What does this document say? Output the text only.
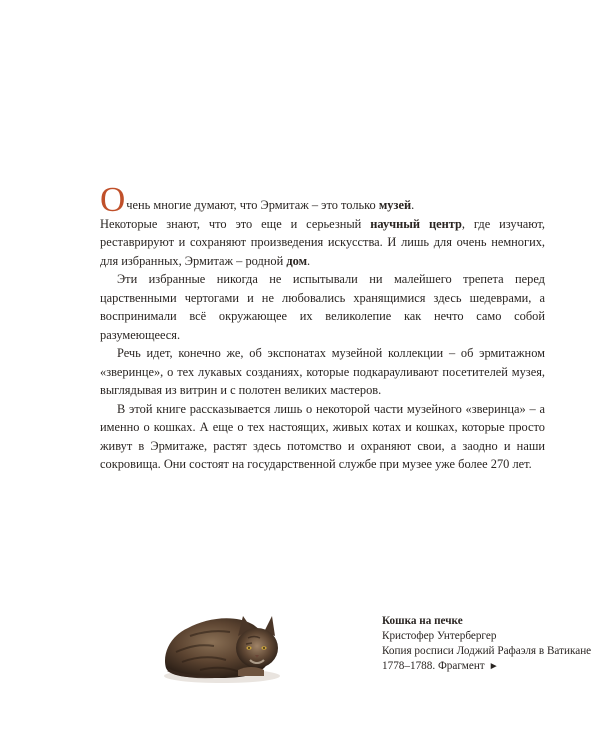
Очень многие думают, что Эрмитаж – это только музей.
Некоторые знают, что это еще и серьезный научный центр, где изучают, реставрируют и сохраняют произведения искусства. И лишь для очень немногих, для избранных, Эрмитаж – родной дом.

Эти избранные никогда не испытывали ни малейшего трепета перед царственными чертогами и не любовались хранящимися здесь шедеврами, а воспринимали всё окружающее их великолепие как нечто само собой разумеющееся.

Речь идет, конечно же, об экспонатах музейной коллекции – об эрмитажном «зверинце», о тех лукавых созданиях, которые подкарауливают посетителей музея, выглядывая из витрин и с полотен великих мастеров.

В этой книге рассказывается лишь о некоторой части музейного «зверинца» – а именно о кошках. А еще о тех настоящих, живых котах и кошках, которые просто живут в Эрмитаже, растят здесь потомство и охраняют свои, а заодно и наши сокровища. Они состоят на государственной службе при музее уже более 270 лет.

Кошка на печке
Кристофер Унтербергер
Копия росписи Лоджий Рафаэля в Ватикане
1778–1788. Фрагмент ►
